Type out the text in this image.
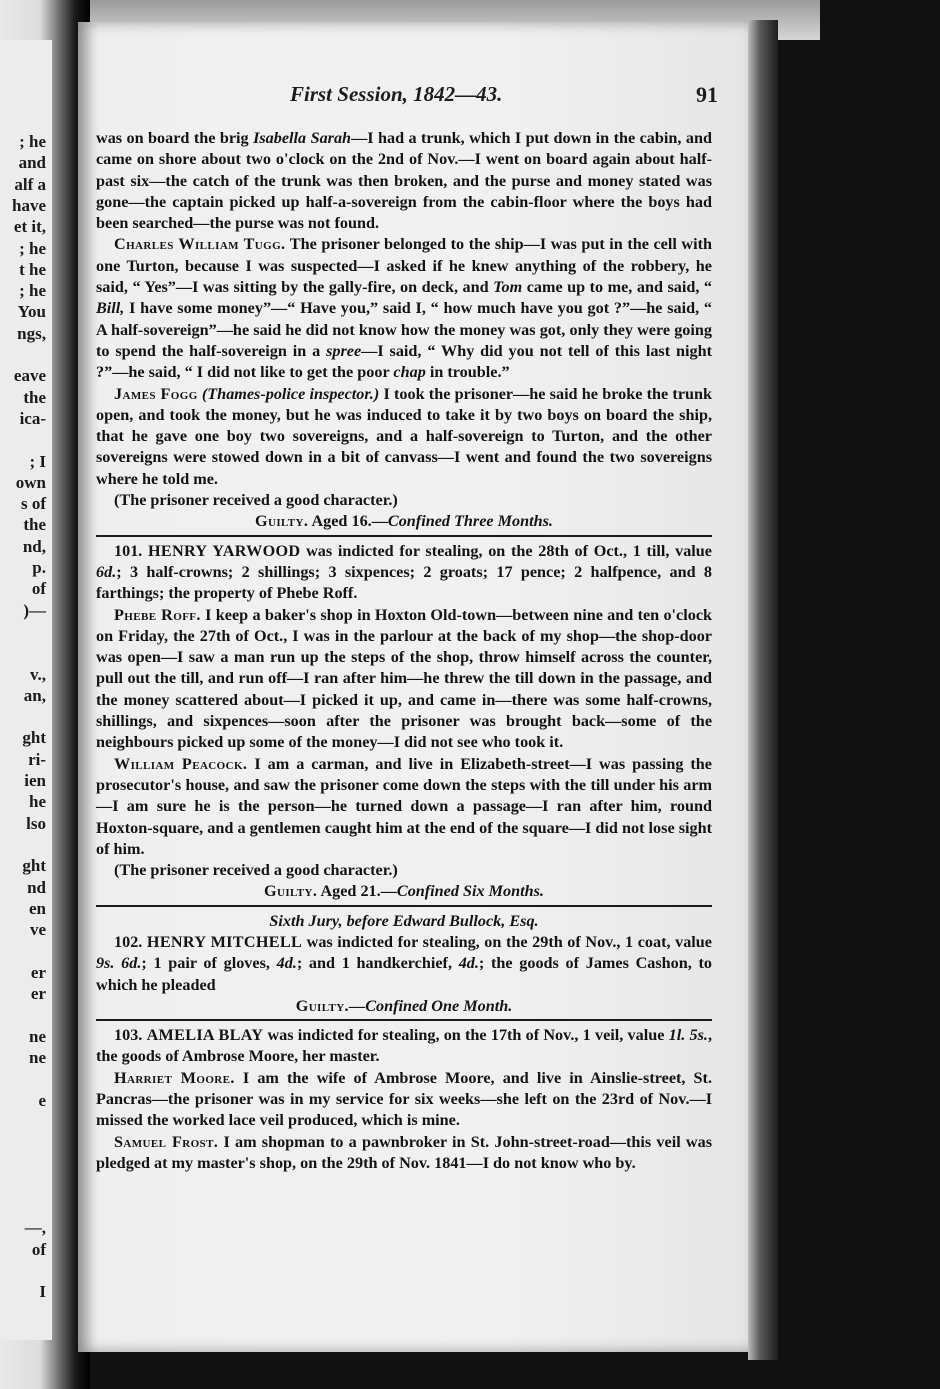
; he
and
alf a
have
et it,
; he
t he
; he
You
ngs,
eave
the
ica-
; I
own
s of
the
nd,
p.
of
)—
v.,
an,
ght
ri-
ien
he
lso
ght
nd
en
ve
er
er
ne
ne
e
—,
of
I
First Session, 1842—43.	91

was on board the brig Isabella Sarah—I had a trunk, which I put down in the cabin, and came on shore about two o'clock on the 2nd of Nov.—I went on board again about half-past six—the catch of the trunk was then broken, and the purse and money stated was gone—the captain picked up half-a-sovereign from the cabin-floor where the boys had been searched—the purse was not found.

Charles William Tugg. The prisoner belonged to the ship—I was put in the cell with one Turton, because I was suspected—I asked if he knew anything of the robbery, he said, “ Yes”—I was sitting by the gally-fire, on deck, and Tom came up to me, and said, “ Bill, I have some money”—“ Have you,” said I, “ how much have you got ?”—he said, “ A half-sovereign”—he said he did not know how the money was got, only they were going to spend the half-sovereign in a spree—I said, “ Why did you not tell of this last night ?”—he said, “ I did not like to get the poor chap in trouble.”

James Fogg (Thames-police inspector.) I took the prisoner—he said he broke the trunk open, and took the money, but he was induced to take it by two boys on board the ship, that he gave one boy two sovereigns, and a half-sovereign to Turton, and the other sovereigns were stowed down in a bit of canvass—I went and found the two sovereigns where he told me.

(The prisoner received a good character.)

Guilty. Aged 16.—Confined Three Months.

101. HENRY YARWOOD was indicted for stealing, on the 28th of Oct., 1 till, value 6d.; 3 half-crowns; 2 shillings; 3 sixpences; 2 groats; 17 pence; 2 halfpence, and 8 farthings; the property of Phebe Roff.

Phebe Roff. I keep a baker's shop in Hoxton Old-town—between nine and ten o'clock on Friday, the 27th of Oct., I was in the parlour at the back of my shop—the shop-door was open—I saw a man run up the steps of the shop, throw himself across the counter, pull out the till, and run off—I ran after him—he threw the till down in the passage, and the money scattered about—I picked it up, and came in—there was some half-crowns, shillings, and sixpences—soon after the prisoner was brought back—some of the neighbours picked up some of the money—I did not see who took it.

William Peacock. I am a carman, and live in Elizabeth-street—I was passing the prosecutor's house, and saw the prisoner come down the steps with the till under his arm—I am sure he is the person—he turned down a passage—I ran after him, round Hoxton-square, and a gentlemen caught him at the end of the square—I did not lose sight of him.

(The prisoner received a good character.)

Guilty. Aged 21.—Confined Six Months.

Sixth Jury, before Edward Bullock, Esq.

102. HENRY MITCHELL was indicted for stealing, on the 29th of Nov., 1 coat, value 9s. 6d.; 1 pair of gloves, 4d.; and 1 handkerchief, 4d.; the goods of James Cashon, to which he pleaded

Guilty.—Confined One Month.

103. AMELIA BLAY was indicted for stealing, on the 17th of Nov., 1 veil, value 1l. 5s., the goods of Ambrose Moore, her master.

Harriet Moore. I am the wife of Ambrose Moore, and live in Ainslie-street, St. Pancras—the prisoner was in my service for six weeks—she left on the 23rd of Nov.—I missed the worked lace veil produced, which is mine.

Samuel Frost. I am shopman to a pawnbroker in St. John-street-road—this veil was pledged at my master's shop, on the 29th of Nov. 1841—I do not know who by.
